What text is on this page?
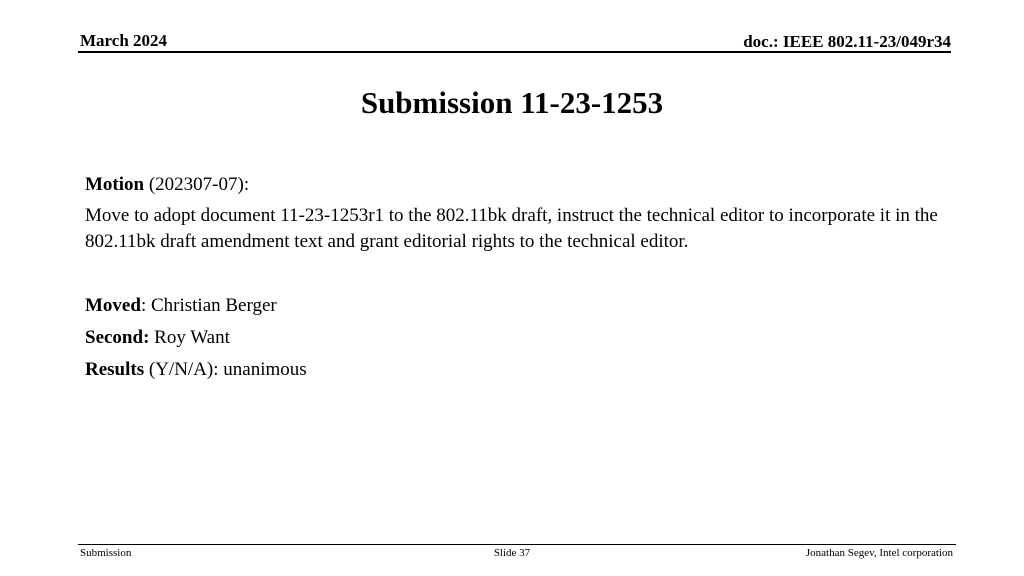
March 2024	doc.: IEEE 802.11-23/049r34
Submission 11-23-1253
Motion (202307-07):
Move to adopt document 11-23-1253r1 to the 802.11bk draft, instruct the technical editor to incorporate it in the 802.11bk draft amendment text and grant editorial rights to the technical editor.
Moved: Christian Berger
Second: Roy Want
Results (Y/N/A): unanimous
Submission	Slide 37	Jonathan Segev, Intel corporation
